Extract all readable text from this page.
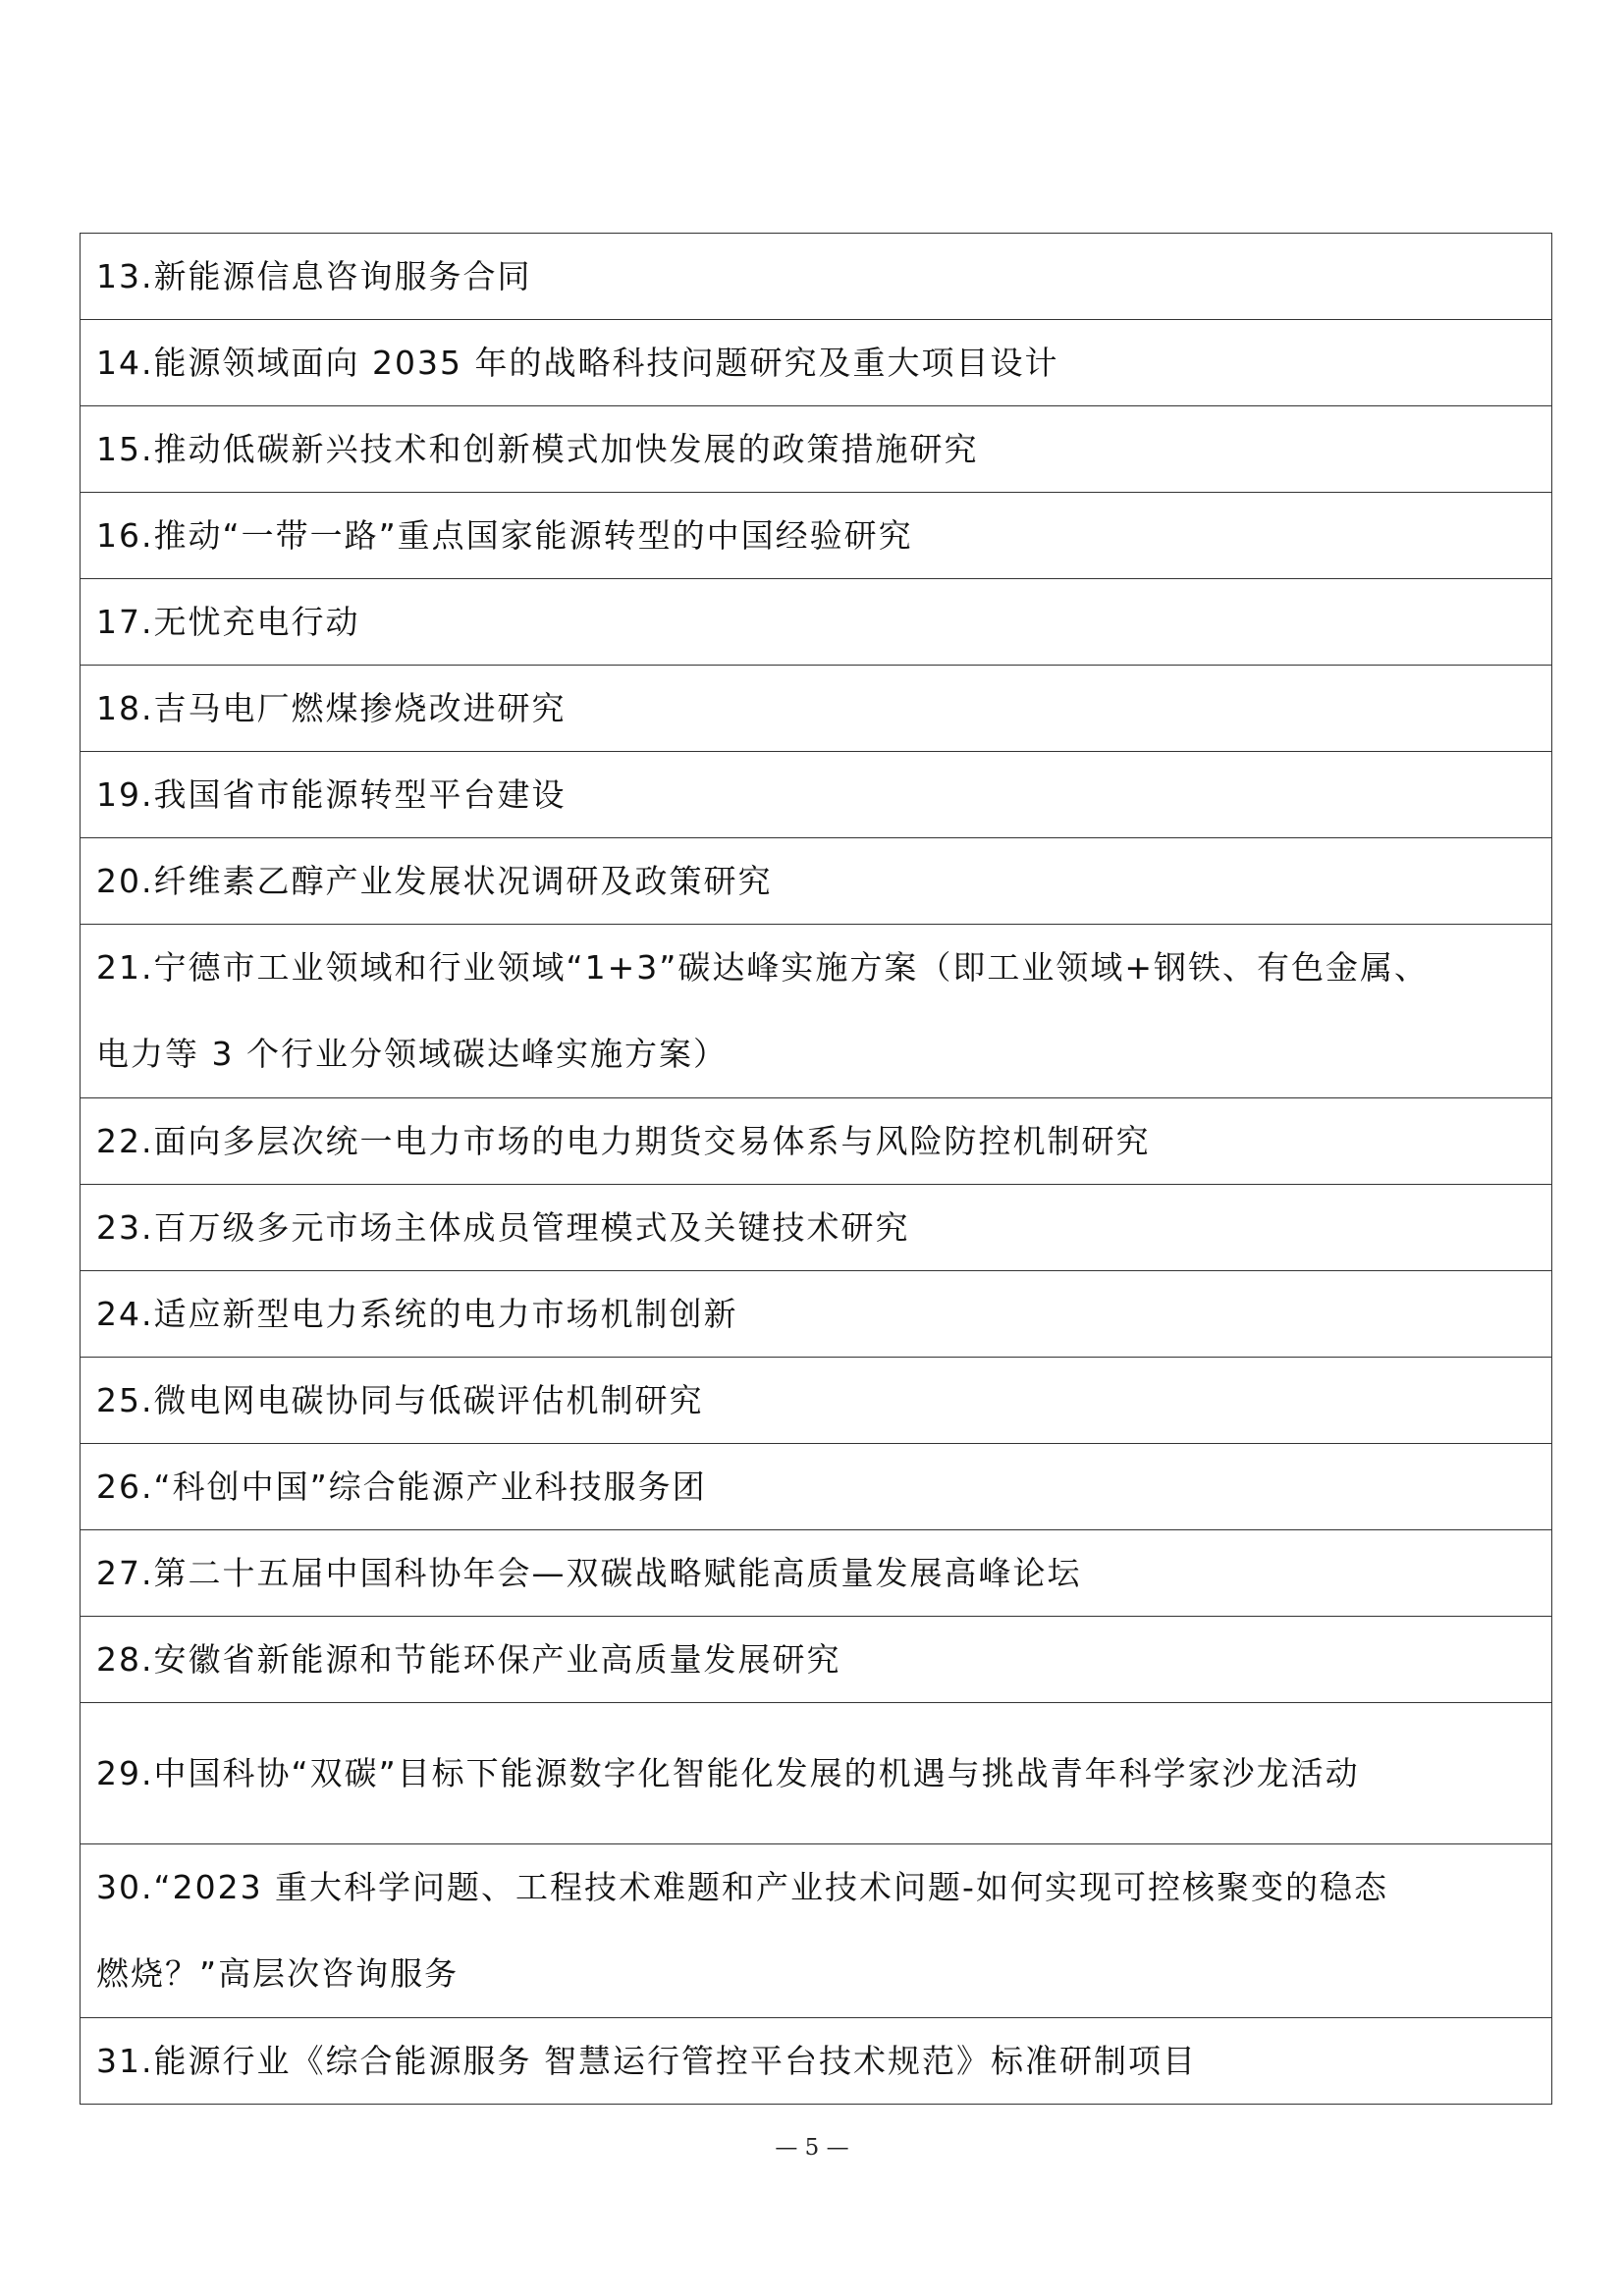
13.新能源信息咨询服务合同
14.能源领域面向 2035 年的战略科技问题研究及重大项目设计
15.推动低碳新兴技术和创新模式加快发展的政策措施研究
16.推动“一带一路”重点国家能源转型的中国经验研究
17.无忧充电行动
18.吉马电厂燃煤掺烧改进研究
19.我国省市能源转型平台建设
20.纤维素乙醇产业发展状况调研及政策研究

21.宁德市工业领域和行业领域“1+3”碳达峰实施方案（即工业领域+钢铁、有色金属、
电力等 3 个行业分领域碳达峰实施方案）

22.面向多层次统一电力市场的电力期货交易体系与风险防控机制研究
23.百万级多元市场主体成员管理模式及关键技术研究
24.适应新型电力系统的电力市场机制创新
25.微电网电碳协同与低碳评估机制研究
26.“科创中国”综合能源产业科技服务团
27.第二十五届中国科协年会—双碳战略赋能高质量发展高峰论坛
28.安徽省新能源和节能环保产业高质量发展研究
29.中国科协“双碳”目标下能源数字化智能化发展的机遇与挑战青年科学家沙龙活动

30.“2023 重大科学问题、工程技术难题和产业技术问题-如何实现可控核聚变的稳态
燃烧？”高层次咨询服务

31.能源行业《综合能源服务 智慧运行管控平台技术规范》标准研制项目
— 5 —
